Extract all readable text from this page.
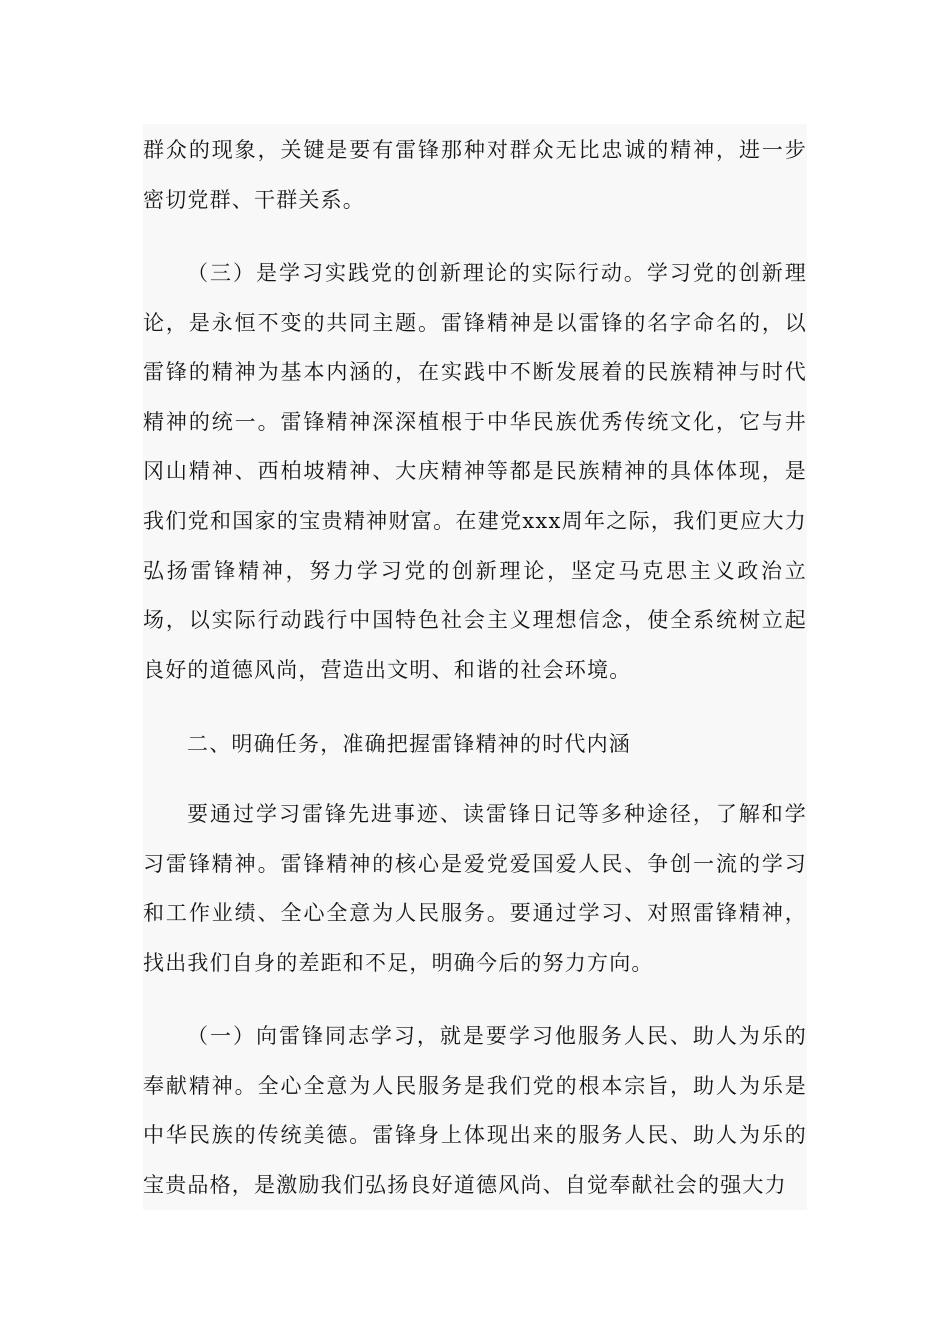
群众的现象，关键是要有雷锋那种对群众无比忠诚的精神，进一步密切党群、干群关系。

（三）是学习实践党的创新理论的实际行动。学习党的创新理论，是永恒不变的共同主题。雷锋精神是以雷锋的名字命名的，以雷锋的精神为基本内涵的，在实践中不断发展着的民族精神与时代精神的统一。雷锋精神深深植根于中华民族优秀传统文化，它与井冈山精神、西柏坡精神、大庆精神等都是民族精神的具体体现，是我们党和国家的宝贵精神财富。在建党xxx周年之际，我们更应大力弘扬雷锋精神，努力学习党的创新理论，坚定马克思主义政治立场，以实际行动践行中国特色社会主义理想信念，使全系统树立起良好的道德风尚，营造出文明、和谐的社会环境。

二、明确任务，准确把握雷锋精神的时代内涵

要通过学习雷锋先进事迹、读雷锋日记等多种途径，了解和学习雷锋精神。雷锋精神的核心是爱党爱国爱人民、争创一流的学习和工作业绩、全心全意为人民服务。要通过学习、对照雷锋精神，找出我们自身的差距和不足，明确今后的努力方向。

（一）向雷锋同志学习，就是要学习他服务人民、助人为乐的奉献精神。全心全意为人民服务是我们党的根本宗旨，助人为乐是中华民族的传统美德。雷锋身上体现出来的服务人民、助人为乐的宝贵品格，是激励我们弘扬良好道德风尚、自觉奉献社会的强大力
